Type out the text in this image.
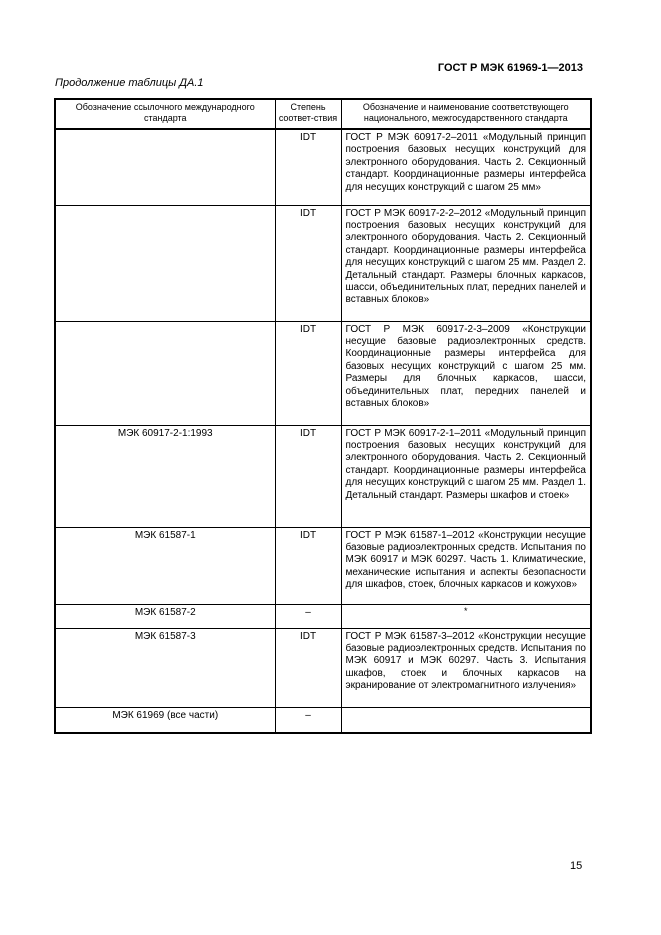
ГОСТ Р МЭК 61969-1—2013
Продолжение таблицы ДА.1
Обозначение ссылочного международного стандарта	Степень соответ-ствия	Обозначение и наименование соответствующего национального, межгосударственного стандарта
	IDT	ГОСТ Р МЭК 60917-2–2011 «Модульный принцип построения базовых несущих конструкций для электронного оборудования. Часть 2. Секционный стандарт. Координационные размеры интерфейса для несущих конструкций с шагом 25 мм»
	IDT	ГОСТ Р МЭК 60917-2-2–2012 «Модульный принцип построения базовых несущих конструкций для электронного оборудования. Часть 2. Секционный стандарт. Координационные размеры интерфейса для несущих конструкций с шагом 25 мм. Раздел 2. Детальный стандарт. Размеры блочных каркасов, шасси, объединительных плат, передних панелей и вставных блоков»
	IDT	ГОСТ Р МЭК 60917-2-3–2009 «Конструкции несущие базовые радиоэлектронных средств. Координационные размеры интерфейса для базовых несущих конструкций с шагом 25 мм. Размеры для блочных каркасов, шасси, объединительных плат, передних панелей и вставных блоков»
МЭК 60917-2-1:1993	IDT	ГОСТ Р МЭК 60917-2-1–2011 «Модульный принцип построения базовых несущих конструкций для электронного оборудования. Часть 2. Секционный стандарт. Координационные размеры интерфейса для несущих конструкций с шагом 25 мм. Раздел 1. Детальный стандарт. Размеры шкафов и стоек»
МЭК 61587-1	IDT	ГОСТ Р МЭК 61587-1–2012 «Конструкции несущие базовые радиоэлектронных средств. Испытания по МЭК 60917 и МЭК 60297. Часть 1. Климатические, механические испытания и аспекты безопасности для шкафов, стоек, блочных каркасов и кожухов»
МЭК 61587-2	–	*
МЭК 61587-3	IDT	ГОСТ Р МЭК 61587-3–2012 «Конструкции несущие базовые радиоэлектронных средств. Испытания по МЭК 60917 и МЭК 60297. Часть 3. Испытания шкафов, стоек и блочных каркасов на экранирование от электромагнитного излучения»
МЭК 61969 (все части)	–	
15
